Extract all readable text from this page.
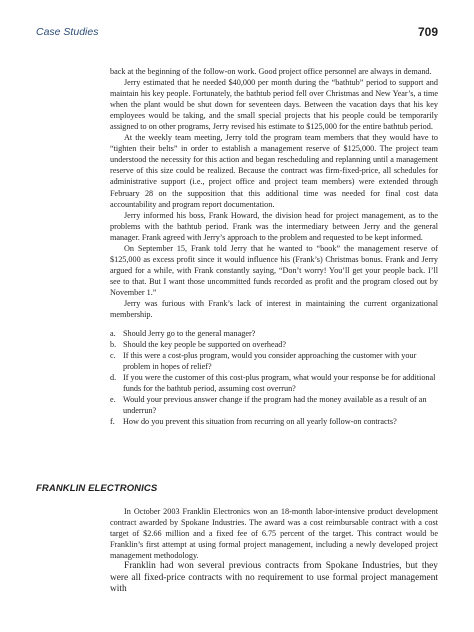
Case Studies	709

back at the beginning of the follow-on work. Good project office personnel are always in demand.

Jerry estimated that he needed $40,000 per month during the “bathtub” period to support and maintain his key people. Fortunately, the bathtub period fell over Christmas and New Year’s, a time when the plant would be shut down for seventeen days. Between the vacation days that his key employees would be taking, and the small special projects that his people could be temporarily assigned to on other programs, Jerry revised his estimate to $125,000 for the entire bathtub period.

At the weekly team meeting, Jerry told the program team members that they would have to “tighten their belts” in order to establish a management reserve of $125,000. The project team understood the necessity for this action and began rescheduling and replanning until a management reserve of this size could be realized. Because the contract was firm-fixed-price, all schedules for administrative support (i.e., project office and project team members) were extended through February 28 on the supposition that this additional time was needed for final cost data accountability and program report documentation.

Jerry informed his boss, Frank Howard, the division head for project management, as to the problems with the bathtub period. Frank was the intermediary between Jerry and the general manager. Frank agreed with Jerry’s approach to the problem and requested to be kept informed.

On September 15, Frank told Jerry that he wanted to “book” the management reserve of $125,000 as excess profit since it would influence his (Frank’s) Christmas bonus. Frank and Jerry argued for a while, with Frank constantly saying, “Don’t worry! You’ll get your people back. I’ll see to that. But I want those uncommitted funds recorded as profit and the program closed out by November 1.”

Jerry was furious with Frank’s lack of interest in maintaining the current organizational membership.

a. Should Jerry go to the general manager?
b. Should the key people be supported on overhead?
c. If this were a cost-plus program, would you consider approaching the customer with your problem in hopes of relief?
d. If you were the customer of this cost-plus program, what would your response be for additional funds for the bathtub period, assuming cost overrun?
e. Would your previous answer change if the program had the money available as a result of an underrun?
f. How do you prevent this situation from recurring on all yearly follow-on contracts?
FRANKLIN ELECTRONICS

In October 2003 Franklin Electronics won an 18-month labor-intensive product development contract awarded by Spokane Industries. The award was a cost reimbursable contract with a cost target of $2.66 million and a fixed fee of 6.75 percent of the target. This contract would be Franklin’s first attempt at using formal project management, including a newly developed project management methodology.

Franklin had won several previous contracts from Spokane Industries, but they were all fixed-price contracts with no requirement to use formal project management with
